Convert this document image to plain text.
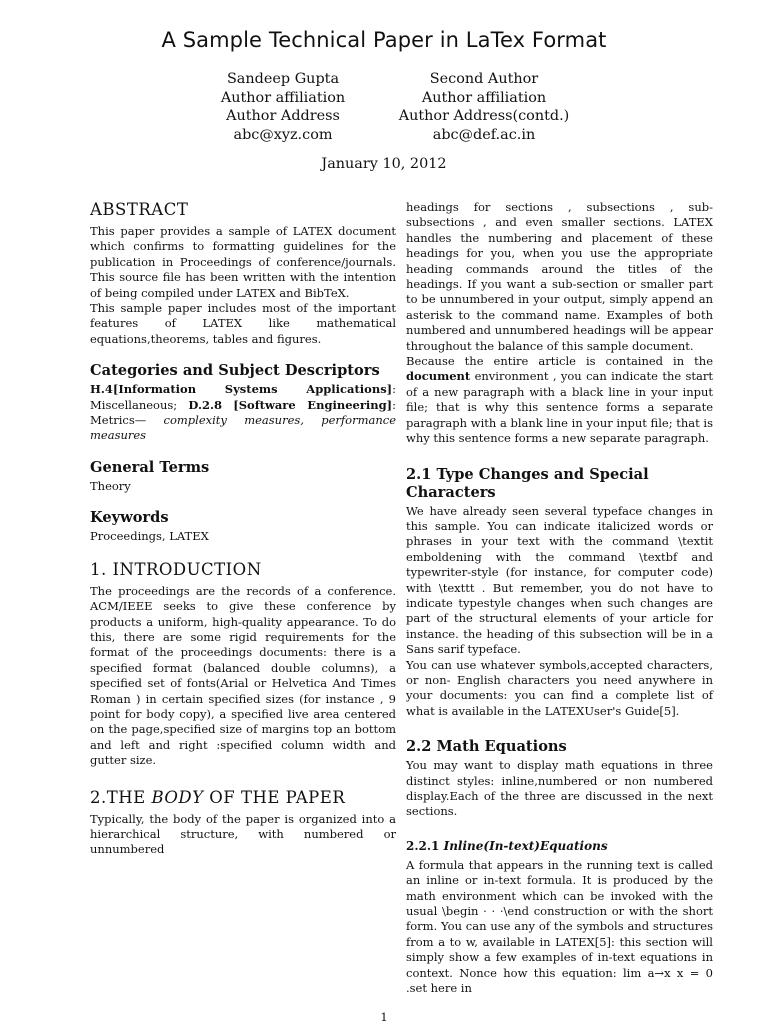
A Sample Technical Paper in LaTex Format
Sandeep Gupta
Author affiliation
Author Address
abc@xyz.com
Second Author
Author affiliation
Author Address(contd.)
abc@def.ac.in
January 10, 2012
ABSTRACT

This paper provides a sample of LATEX document which confirms to formatting guidelines for the publication in Proceedings of conference/journals. This source file has been written with the intention of being compiled under LATEX and BibTeX.

This sample paper includes most of the important features of LATEX like mathematical equations,theorems, tables and figures.

Categories and Subject Descriptors

H.4[Information Systems Applications]: Miscellaneous; D.2.8 [Software Engineering]: Metrics— complexity measures, performance measures

General Terms

Theory

Keywords

Proceedings, LATEX

1. INTRODUCTION

The proceedings are the records of a conference. ACM/IEEE seeks to give these conference by products a uniform, high-quality appearance. To do this, there are some rigid requirements for the format of the proceedings documents: there is a specified format (balanced double columns), a specified set of fonts(Arial or Helvetica And Times Roman ) in certain specified sizes (for instance , 9 point for body copy), a specified live area centered on the page,specified size of margins top an bottom and left and right :specified column width and gutter size.

2.THE BODY OF THE PAPER

Typically, the body of the paper is organized into a hierarchical structure, with numbered or unnumbered

headings for sections , subsections , sub-subsections , and even smaller sections. LATEX handles the numbering and placement of these headings for you, when you use the appropriate heading commands around the titles of the headings. If you want a sub-section or smaller part to be unnumbered in your output, simply append an asterisk to the command name. Examples of both numbered and unnumbered headings will be appear throughout the balance of this sample document.

Because the entire article is contained in the document environment , you can indicate the start of a new paragraph with a black line in your input file; that is why this sentence forms a separate paragraph with a blank line in your input file; that is why this sentence forms a new separate paragraph.

2.1 Type Changes and Special Characters

We have already seen several typeface changes in this sample. You can indicate italicized words or phrases in your text with the command \textit emboldening with the command \textbf and typewriter-style (for instance, for computer code) with \texttt . But remember, you do not have to indicate typestyle changes when such changes are part of the structural elements of your article for instance. the heading of this subsection will be in a Sans sarif typeface.

You can use whatever symbols,accepted characters, or non- English characters you need anywhere in your documents: you can find a complete list of what is available in the LATEXUser's Guide[5].

2.2 Math Equations

You may want to display math equations in three distinct styles: inline,numbered or non numbered display.Each of the three are discussed in the next sections.

2.2.1 Inline(In-text)Equations

A formula that appears in the running text is called an inline or in-text formula. It is produced by the math environment which can be invoked with the usual \begin · · ·\end construction or with the short form. You can use any of the symbols and structures from a to w, available in LATEX[5]: this section will simply show a few examples of in-text equations in context. Nonce how this equation: lim a→x x = 0 .set here in

1
